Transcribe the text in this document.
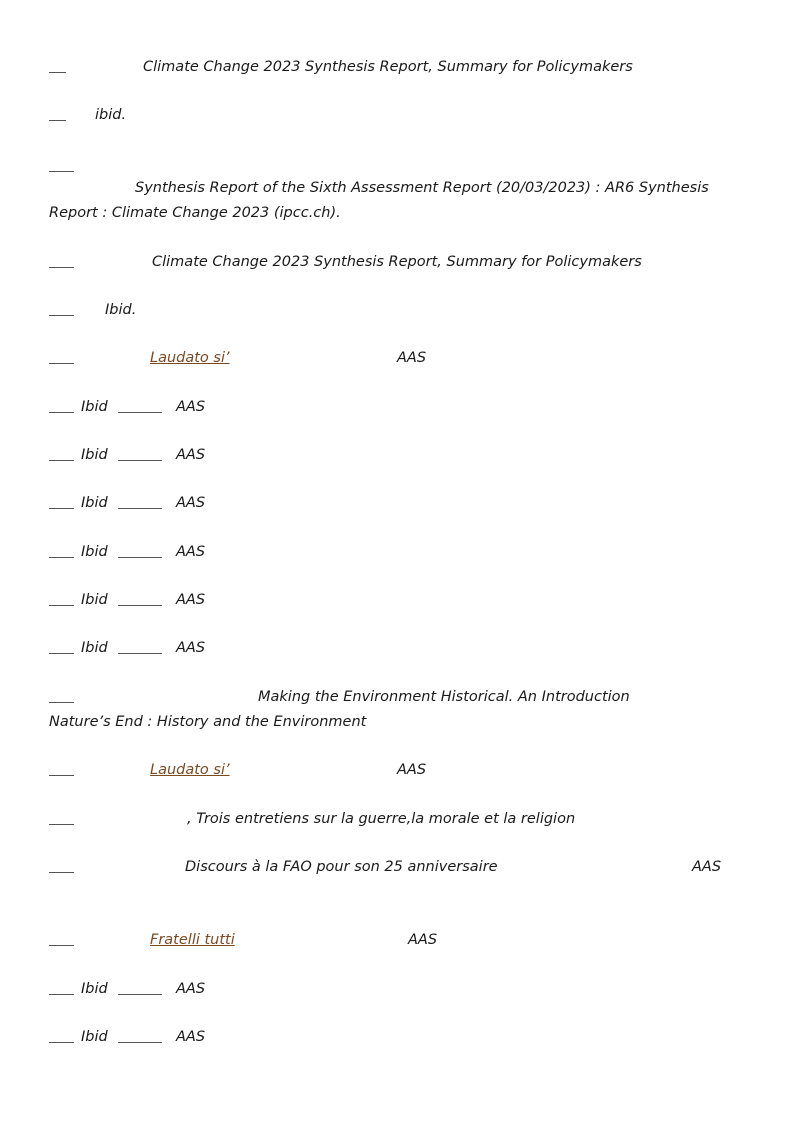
Climate Change 2023 Synthesis Report, Summary for Policymakers
ibid.
Synthesis Report of the Sixth Assessment Report (20/03/2023) : AR6 Synthesis
Report : Climate Change 2023 (ipcc.ch).
Climate Change 2023 Synthesis Report, Summary for Policymakers
Ibid.
Laudato si’	AAS
Ibid	AAS
Ibid	AAS
Ibid	AAS
Ibid	AAS
Ibid	AAS
Ibid	AAS
Making the Environment Historical. An Introduction
Nature’s End : History and the Environment
Laudato si’	AAS
, Trois entretiens sur la guerre,la morale et la religion
Discours à la FAO pour son 25 anniversaire	AAS
Fratelli tutti	AAS
Ibid	AAS
Ibid	AAS
